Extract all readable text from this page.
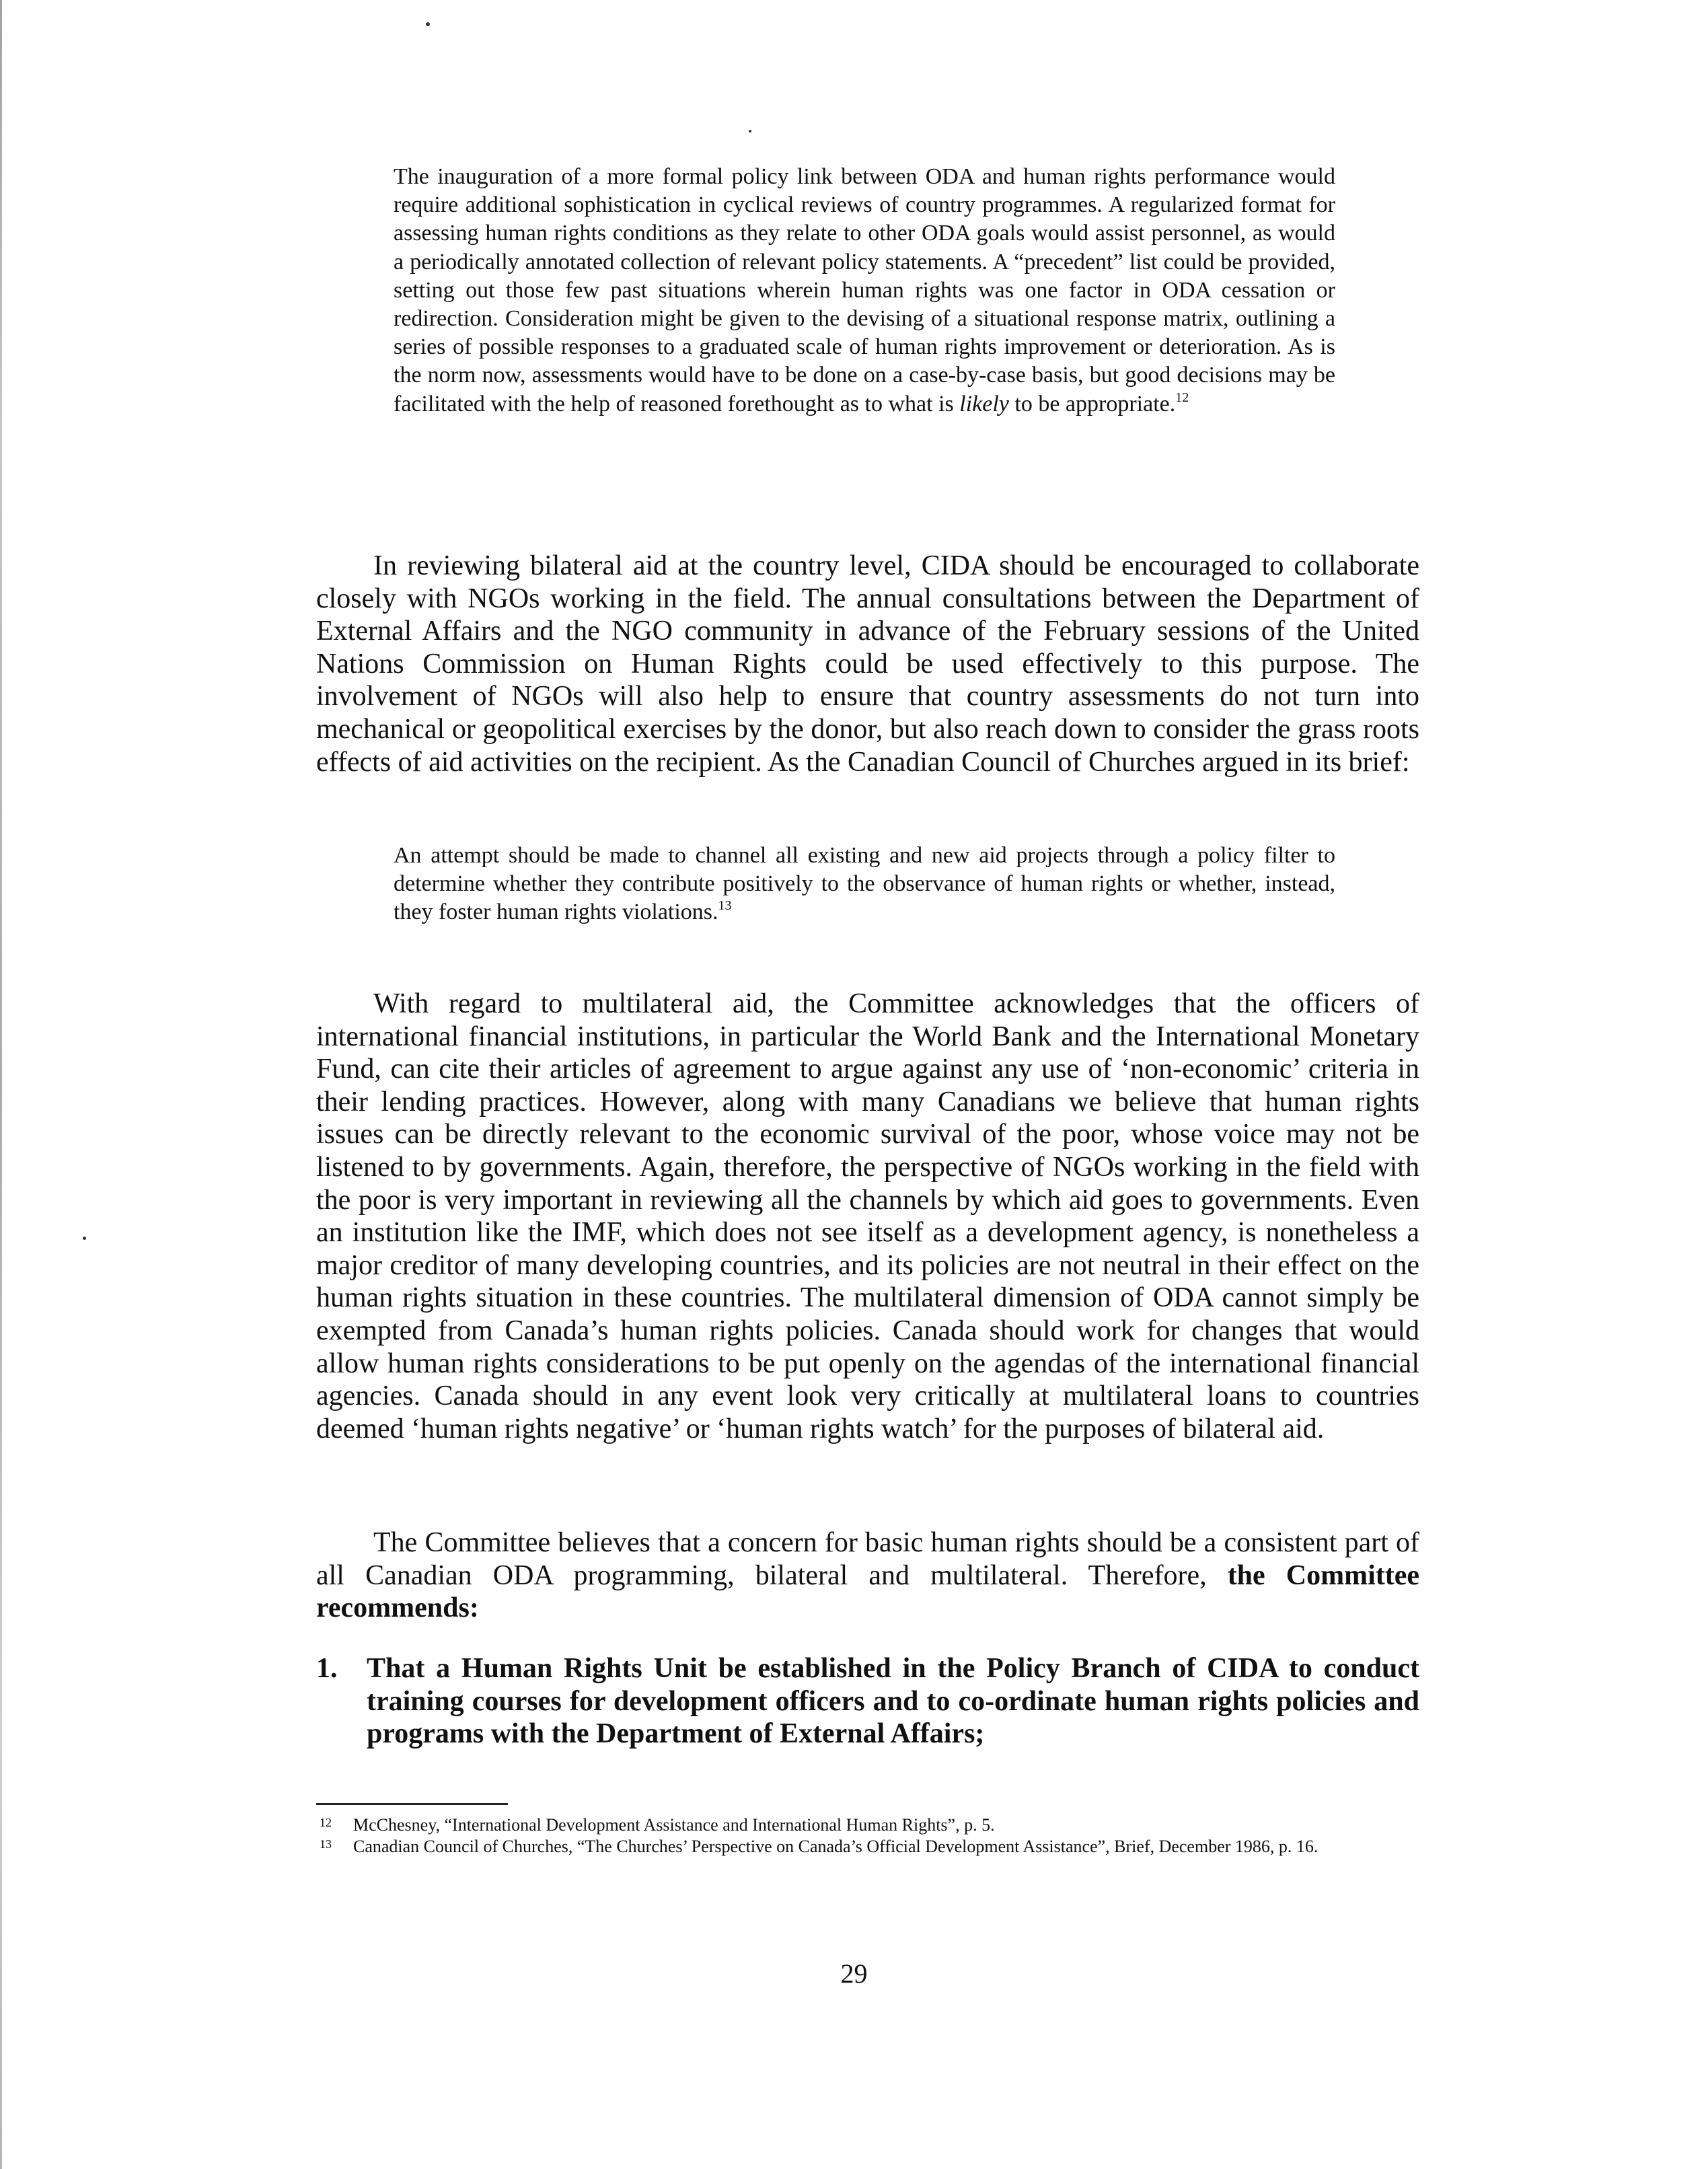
The inauguration of a more formal policy link between ODA and human rights performance would require additional sophistication in cyclical reviews of country programmes. A regularized format for assessing human rights conditions as they relate to other ODA goals would assist personnel, as would a periodically annotated collection of relevant policy statements. A “precedent” list could be provided, setting out those few past situations wherein human rights was one factor in ODA cessation or redirection. Consideration might be given to the devising of a situational response matrix, outlining a series of possible responses to a graduated scale of human rights improvement or deterioration. As is the norm now, assessments would have to be done on a case-by-case basis, but good decisions may be facilitated with the help of reasoned forethought as to what is likely to be appropriate.$^{12}$
In reviewing bilateral aid at the country level, CIDA should be encouraged to collaborate closely with NGOs working in the field. The annual consultations between the Department of External Affairs and the NGO community in advance of the February sessions of the United Nations Commission on Human Rights could be used effectively to this purpose. The involvement of NGOs will also help to ensure that country assessments do not turn into mechanical or geopolitical exercises by the donor, but also reach down to consider the grass roots effects of aid activities on the recipient. As the Canadian Council of Churches argued in its brief:
An attempt should be made to channel all existing and new aid projects through a policy filter to determine whether they contribute positively to the observance of human rights or whether, instead, they foster human rights violations.$^{13}$
With regard to multilateral aid, the Committee acknowledges that the officers of international financial institutions, in particular the World Bank and the International Monetary Fund, can cite their articles of agreement to argue against any use of ‘non-economic’ criteria in their lending practices. However, along with many Canadians we believe that human rights issues can be directly relevant to the economic survival of the poor, whose voice may not be listened to by governments. Again, therefore, the perspective of NGOs working in the field with the poor is very important in reviewing all the channels by which aid goes to governments. Even an institution like the IMF, which does not see itself as a development agency, is nonetheless a major creditor of many developing countries, and its policies are not neutral in their effect on the human rights situation in these countries. The multilateral dimension of ODA cannot simply be exempted from Canada’s human rights policies. Canada should work for changes that would allow human rights considerations to be put openly on the agendas of the international financial agencies. Canada should in any event look very critically at multilateral loans to countries deemed ‘human rights negative’ or ‘human rights watch’ for the purposes of bilateral aid.
The Committee believes that a concern for basic human rights should be a consistent part of all Canadian ODA programming, bilateral and multilateral. Therefore, the Committee recommends:
1. That a Human Rights Unit be established in the Policy Branch of CIDA to conduct training courses for development officers and to co-ordinate human rights policies and programs with the Department of External Affairs;
12 McChesney, “International Development Assistance and International Human Rights”, p. 5.
13 Canadian Council of Churches, “The Churches’ Perspective on Canada’s Official Development Assistance”, Brief, December 1986, p. 16.
29
